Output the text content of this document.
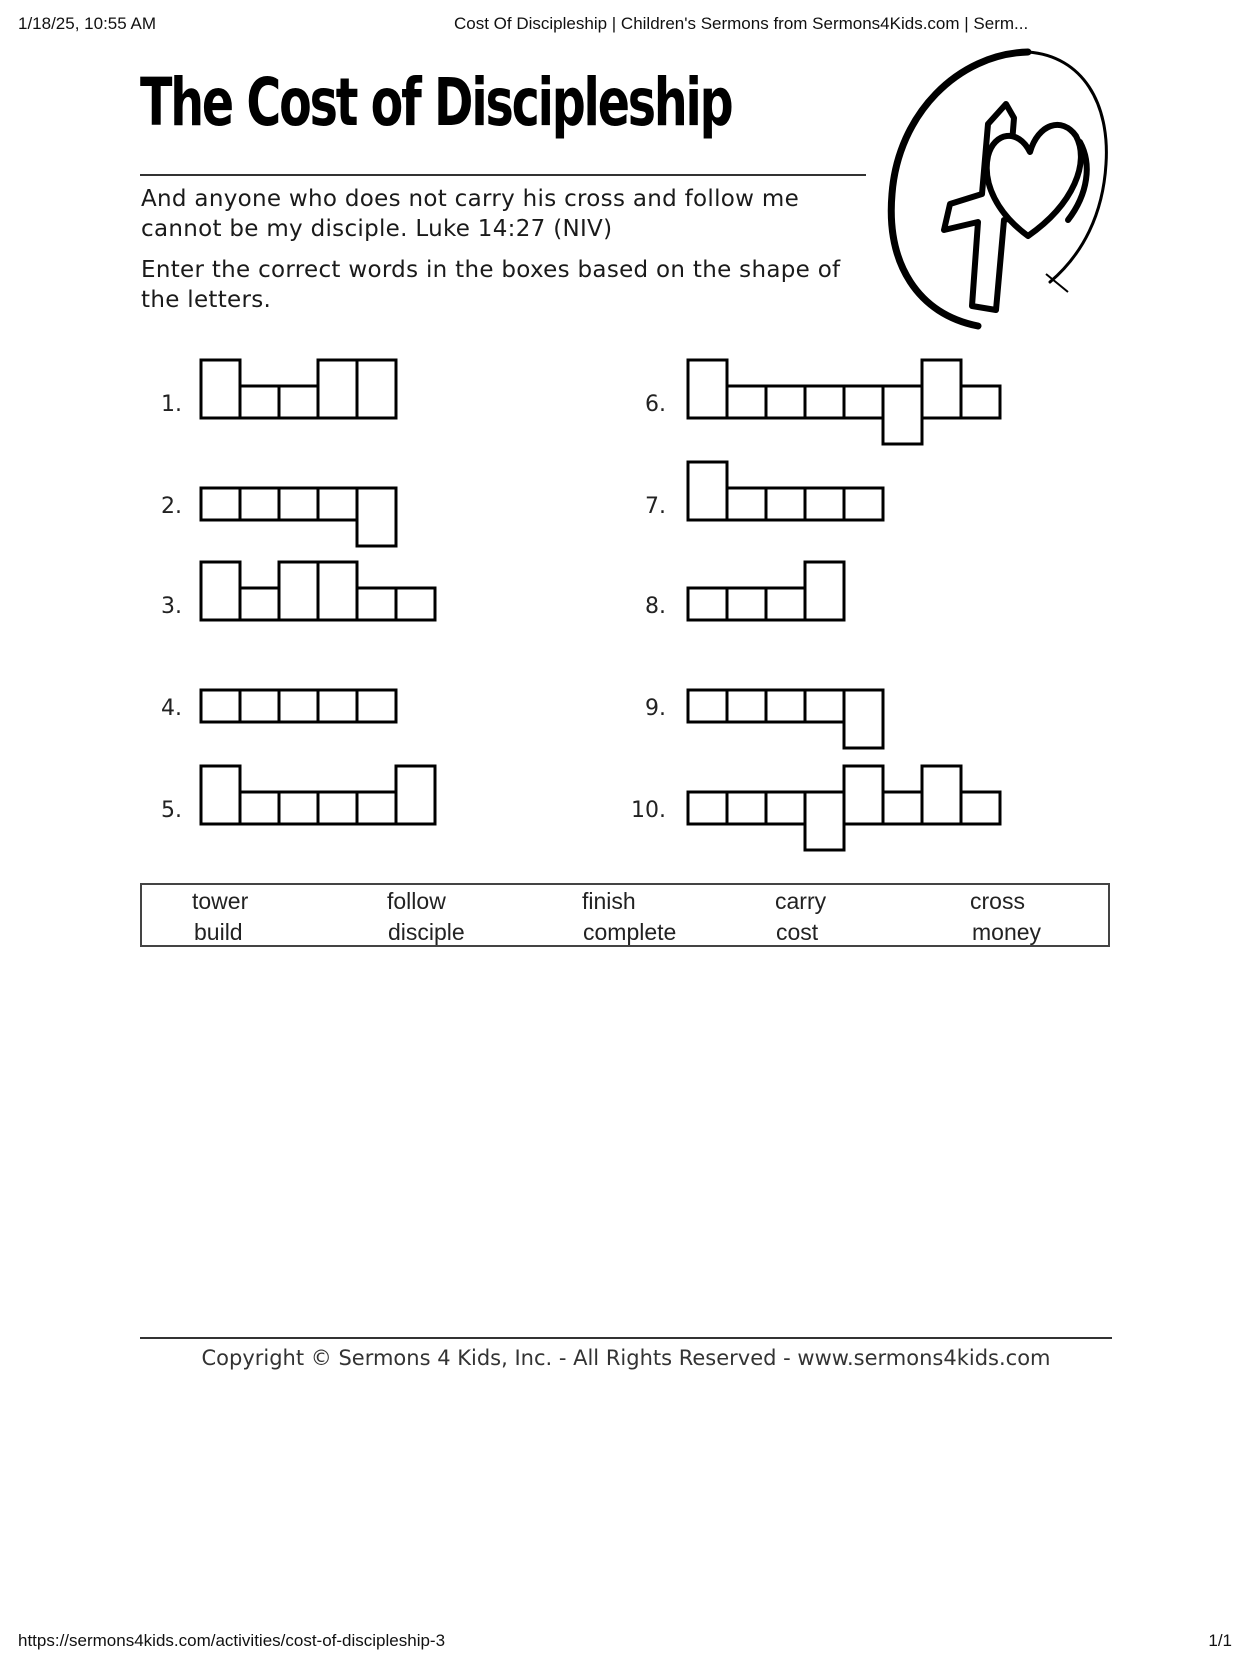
1/18/25, 10:55 AM	Cost Of Discipleship | Children's Sermons from Sermons4Kids.com | Serm...
The Cost of Discipleship
And anyone who does not carry his cross and follow me cannot be my disciple. Luke 14:27 (NIV)
Enter the correct words in the boxes based on the shape of the letters.
1.
2.
3.
4.
5.
6.
7.
8.
9.
10.
tower	follow	finish	carry	cross
build	disciple	complete	cost	money
Copyright © Sermons 4 Kids, Inc. - All Rights Reserved - www.sermons4kids.com
https://sermons4kids.com/activities/cost-of-discipleship-3	1/1
